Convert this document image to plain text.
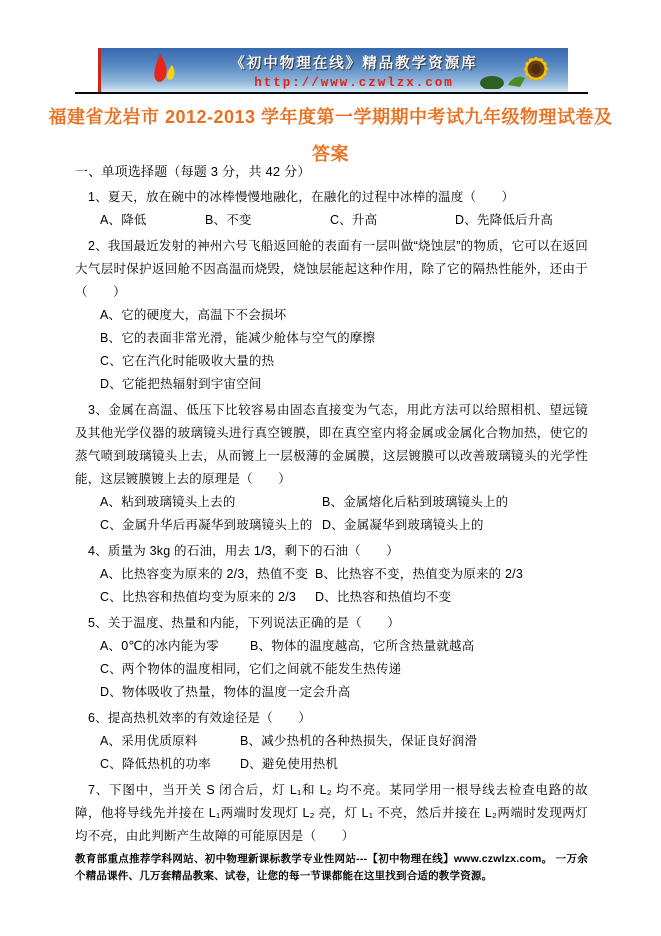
《初中物理在线》精品教学资源库
http://www.czwlzx.com
福建省龙岩市 2012-2013 学年度第一学期期中考试九年级物理试卷及
答案
一、单项选择题（每题 3 分，共 42 分）

1、夏天，放在碗中的冰棒慢慢地融化，在融化的过程中冰棒的温度（　　）

A、降低	B、不变	C、升高	D、先降低后升高

2、我国最近发射的神州六号飞船返回舱的表面有一层叫做“烧蚀层”的物质，它可以在返回大气层时保护返回舱不因高温而烧毁，烧蚀层能起这种作用，除了它的隔热性能外，还由于（　　）

A、它的硬度大，高温下不会损坏
B、它的表面非常光滑，能减少舱体与空气的摩擦
C、它在汽化时能吸收大量的热
D、它能把热辐射到宇宙空间

3、金属在高温、低压下比较容易由固态直接变为气态，用此方法可以给照相机、望远镜及其他光学仪器的玻璃镜头进行真空镀膜，即在真空室内将金属或金属化合物加热，使它的蒸气喷到玻璃镜头上去，从而镀上一层极薄的金属膜，这层镀膜可以改善玻璃镜头的光学性能，这层镀膜镀上去的原理是（　　）

A、粘到玻璃镜头上去的	B、金属熔化后粘到玻璃镜头上的
C、金属升华后再凝华到玻璃镜头上的 D、金属凝华到玻璃镜头上的

4、质量为 3kg 的石油，用去 1/3，剩下的石油（　　）

A、比热容变为原来的 2/3，热值不变 B、比热容不变，热值变为原来的 2/3
C、比热容和热值均变为原来的 2/3	D、比热容和热值均不变

5、关于温度、热量和内能，下列说法正确的是（　　）

A、0℃的冰内能为零	B、物体的温度越高，它所含热量就越高
C、两个物体的温度相同，它们之间就不能发生热传递
D、物体吸收了热量，物体的温度一定会升高

6、提高热机效率的有效途径是（　　）

A、采用优质原料	B、减少热机的各种热损失，保证良好润滑
C、降低热机的功率	D、避免使用热机

7、下图中，当开关 S 闭合后，灯 L₁和 L₂ 均不亮。某同学用一根导线去检查电路的故障，他将导线先并接在 L₁两端时发现灯 L₂ 亮，灯 L₁ 不亮，然后并接在 L₂两端时发现两灯均不亮，由此判断产生故障的可能原因是（　　）

教育部重点推荐学科网站、初中物理新课标教学专业性网站---【初中物理在线】www.czwlzx.com。 一万余个精品课件、几万套精品教案、试卷，让您的每一节课都能在这里找到合适的教学资源。
